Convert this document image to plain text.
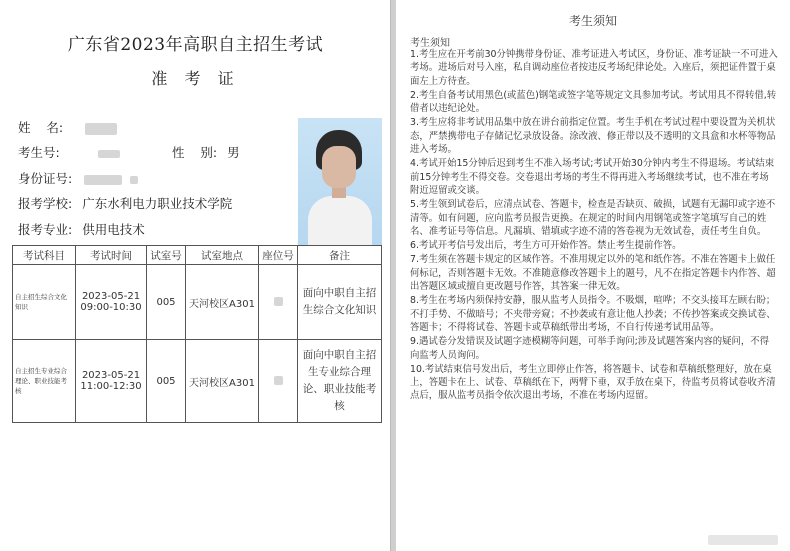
广东省2023年高职自主招生考试
准 考 证
姓    名:
考生号:	性    别: 男
身份证号:
报考学校: 广东水利电力职业技术学院
报考专业: 供用电技术
考试科目	考试时间	试室号	试室地点	座位号	备注
自主招生综合文化知识	2023-05-21 09:00-10:30	005	天河校区A301		面向中职自主招生综合文化知识
自主招生专业综合理论、职业技能考核	2023-05-21 11:00-12:30	005	天河校区A301		面向中职自主招生专业综合理论、职业技能考核
考生须知
考生须知
1.考生应在开考前30分钟携带身份证、准考证进入考试区，身份证、准考证缺一不可进入考场。进场后对号入座，私自调动座位者按违反考场纪律论处。入座后，须把证件置于桌面左上方待查。
2.考生自备考试用黑色(或蓝色)钢笔或签字笔等规定文具参加考试。考试用具不得转借,转借者以违纪论处。
3.考生应将非考试用品集中放在讲台前指定位置。考生手机在考试过程中要设置为关机状态，严禁携带电子存储记忆录放设备。涂改液、修正带以及不透明的文具盒和水杯等物品进入考场。
4.考试开始15分钟后迟到考生不准入场考试;考试开始30分钟内考生不得退场。考试结束前15分钟考生不得交卷。交卷退出考场的考生不得再进入考场继续考试，也不准在考场附近逗留或交谈。
5.考生领到试卷后，应清点试卷、答题卡，检查是否缺页、破损，试题有无漏印或字迹不清等。如有问题，应向监考员报告更换。在规定的时间内用钢笔或签字笔填写自己的姓名、准考证号等信息。凡漏填、错填或字迹不清的答卷视为无效试卷，责任考生自负。
6.考试开考信号发出后，考生方可开始作答。禁止考生提前作答。
7.考生须在答题卡规定的区域作答。不准用规定以外的笔和纸作答。不准在答题卡上做任何标记，否则答题卡无效。不准随意修改答题卡上的题号，凡不在指定答题卡内作答、超出答题区域或擅自更改题号作答，其答案一律无效。
8.考生在考场内须保持安静，服从监考人员指令。不吸烟，喧哗；不交头接耳左顾右盼；不打手势、不做暗号；不夹带旁窥；不抄袭或有意让他人抄袭；不传抄答案或交换试卷、答题卡；不得将试卷、答题卡或草稿纸带出考场，不自行传递考试用品等。
9.遇试卷分发错误及试题字迹模糊等问题，可举手询问;涉及试题答案内容的疑问，不得向监考人员询问。
10.考试结束信号发出后，考生立即停止作答，将答题卡、试卷和草稿纸整理好，放在桌上，答题卡在上、试卷、草稿纸在下，两臂下垂，双手放在桌下，待监考员将试卷收齐清点后，服从监考员指令依次退出考场，不准在考场内逗留。
